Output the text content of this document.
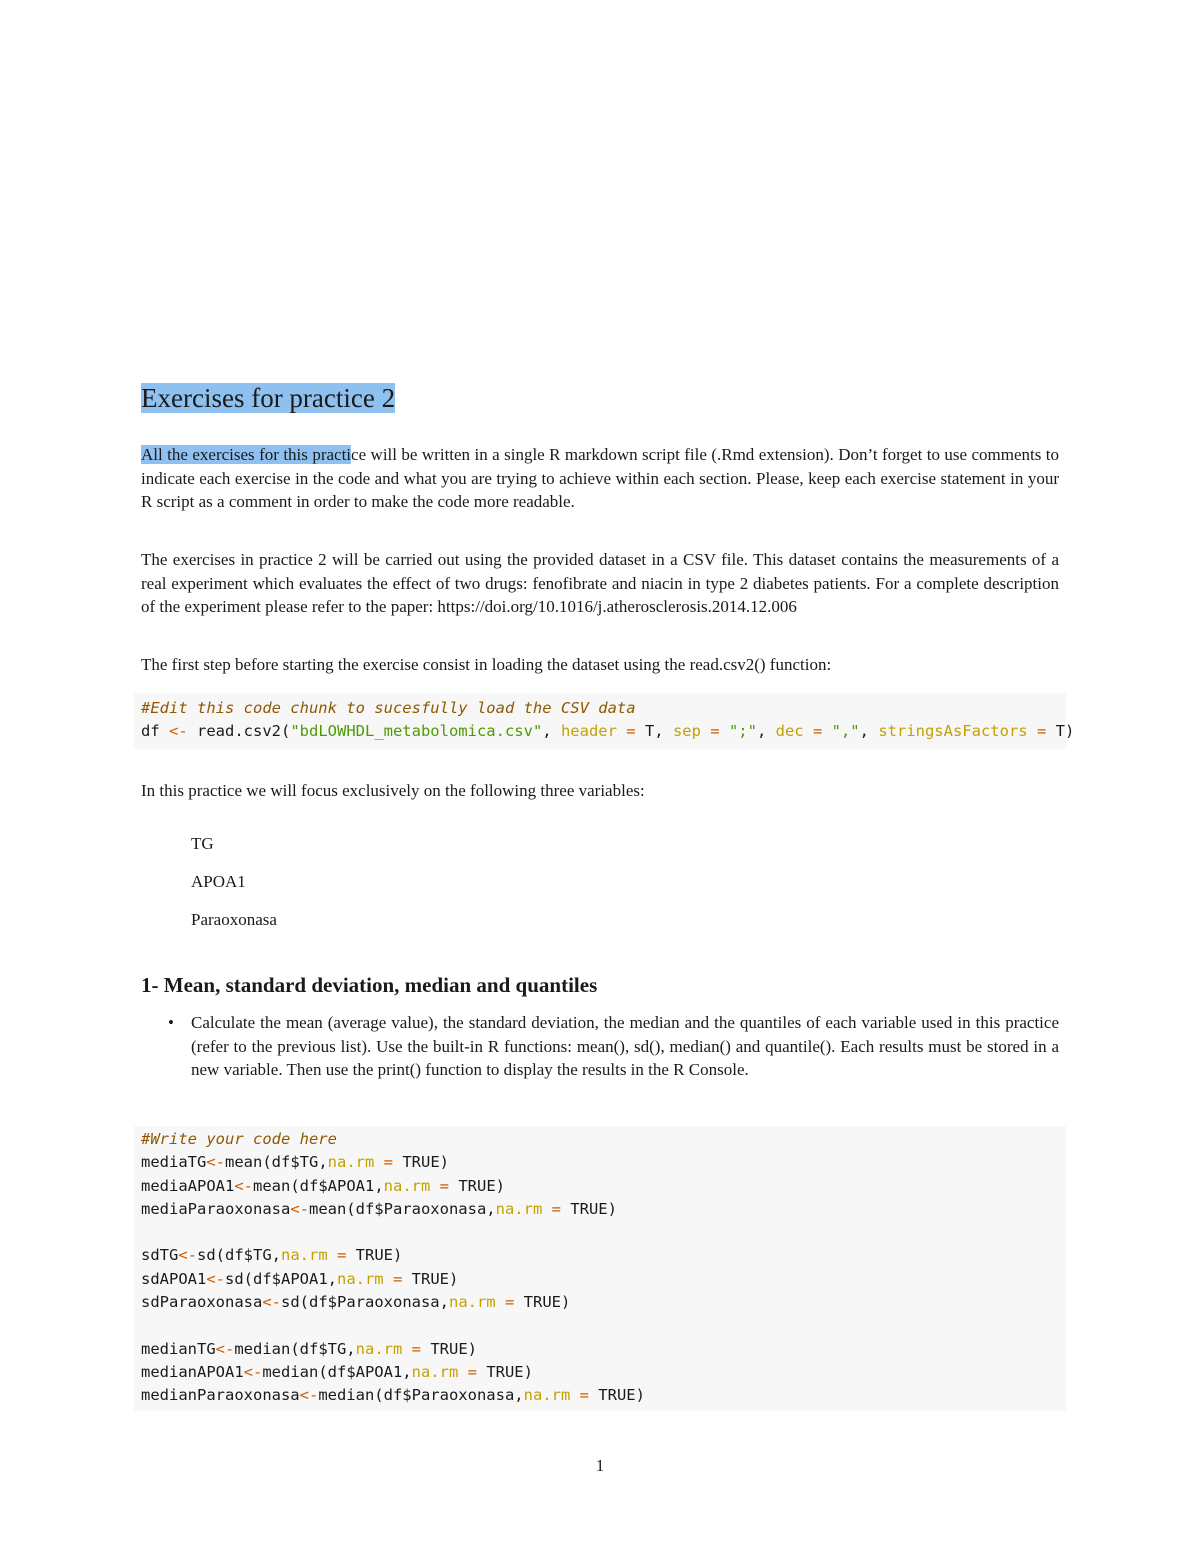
Exercises for practice 2

All the exercises for this practice will be written in a single R markdown script file (.Rmd extension). Don’t forget to use comments to indicate each exercise in the code and what you are trying to achieve within each section. Please, keep each exercise statement in your R script as a comment in order to make the code more readable.

The exercises in practice 2 will be carried out using the provided dataset in a CSV file. This dataset contains the measurements of a real experiment which evaluates the effect of two drugs: fenofibrate and niacin in type 2 diabetes patients. For a complete description of the experiment please refer to the paper: https://doi.org/10.1016/j.atherosclerosis.2014.12.006

The first step before starting the exercise consist in loading the dataset using the read.csv2() function:

#Edit this code chunk to sucesfully load the CSV data
df <- read.csv2("bdLOWHDL_metabolomica.csv", header = T, sep = ";", dec = ",", stringsAsFactors = T)

In this practice we will focus exclusively on the following three variables:

TG

APOA1

Paraoxonasa

1- Mean, standard deviation, median and quantiles
• Calculate the mean (average value), the standard deviation, the median and the quantiles of each variable used in this practice (refer to the previous list). Use the built-in R functions: mean(), sd(), median() and quantile(). Each results must be stored in a new variable. Then use the print() function to display the results in the R Console.

#Write your code here
mediaTG<-mean(df$TG,na.rm = TRUE)
mediaAPOA1<-mean(df$APOA1,na.rm = TRUE)
mediaParaoxonasa<-mean(df$Paraoxonasa,na.rm = TRUE)

sdTG<-sd(df$TG,na.rm = TRUE)
sdAPOA1<-sd(df$APOA1,na.rm = TRUE)
sdParaoxonasa<-sd(df$Paraoxonasa,na.rm = TRUE)

medianTG<-median(df$TG,na.rm = TRUE)
medianAPOA1<-median(df$APOA1,na.rm = TRUE)
medianParaoxonasa<-median(df$Paraoxonasa,na.rm = TRUE)
1
